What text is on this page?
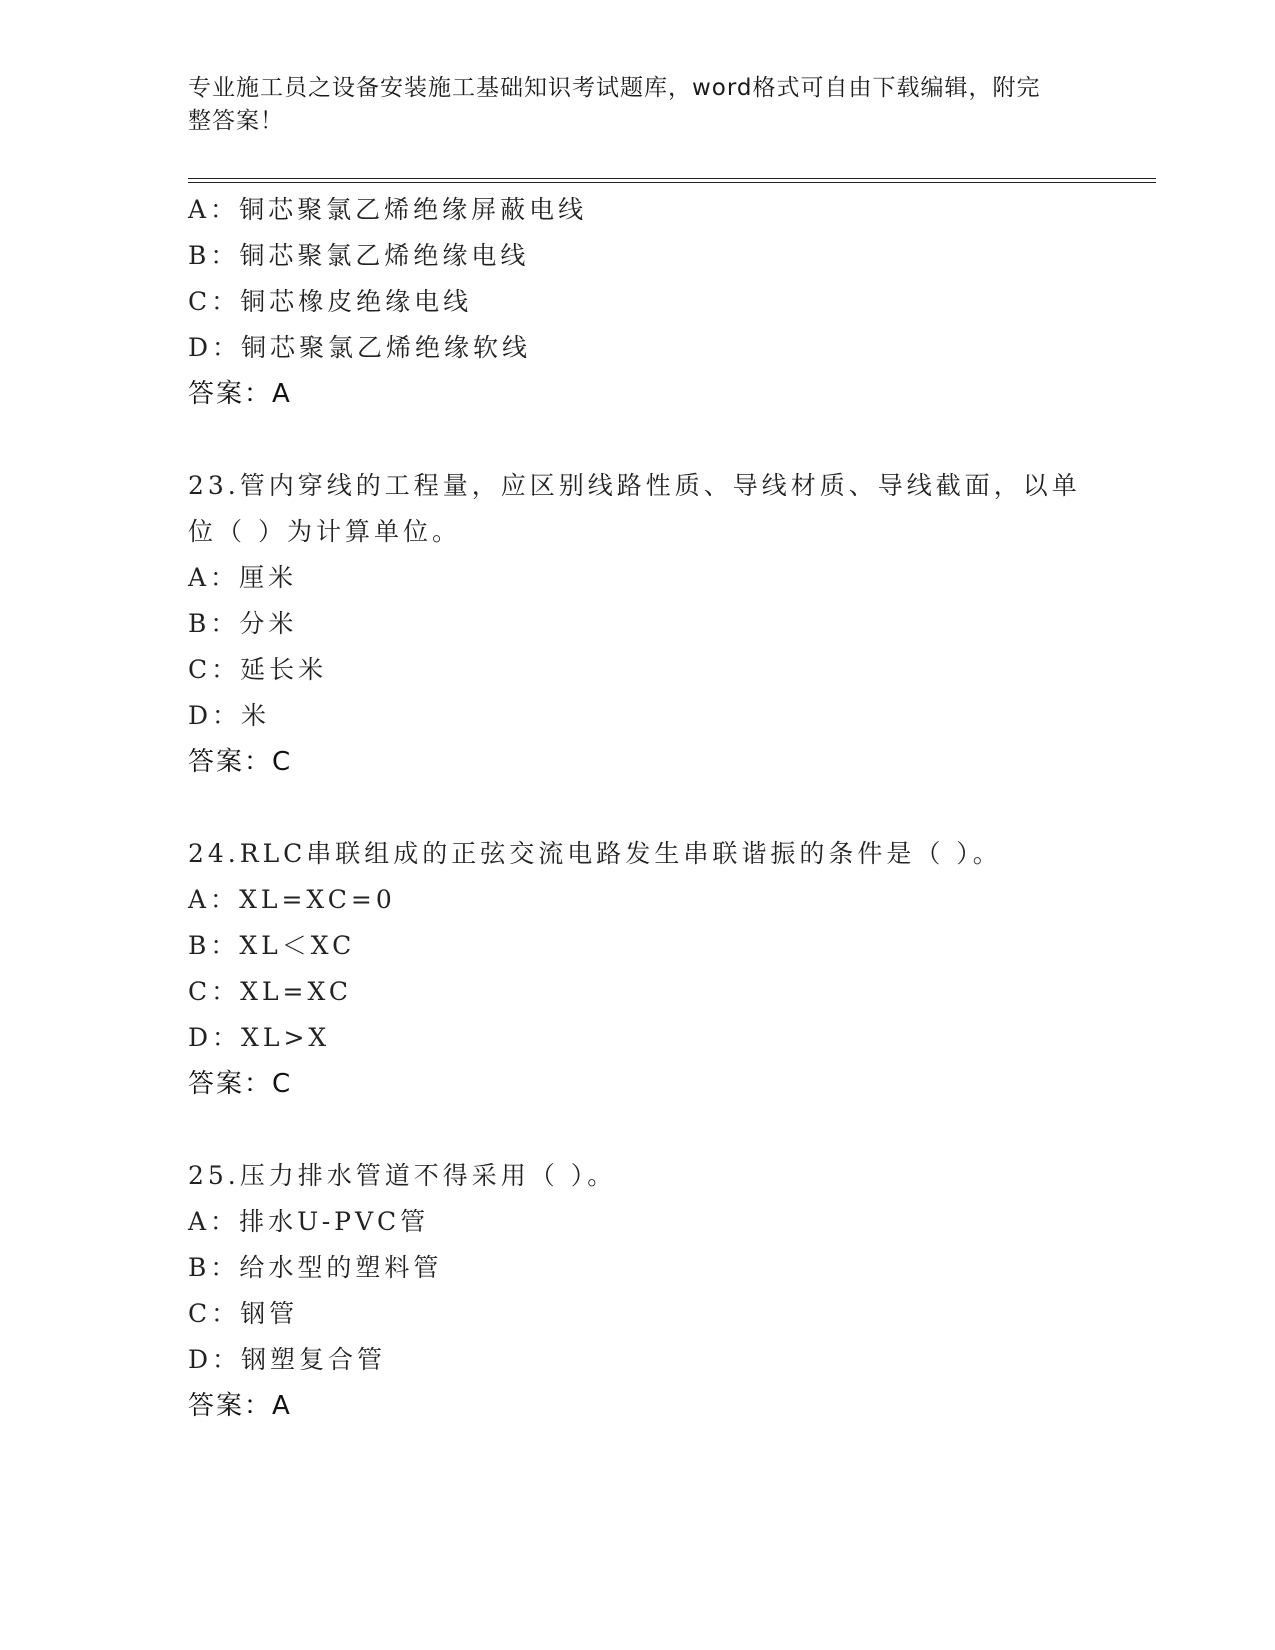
专业施工员之设备安装施工基础知识考试题库，word格式可自由下载编辑，附完
整答案！
A：铜芯聚氯乙烯绝缘屏蔽电线
B：铜芯聚氯乙烯绝缘电线
C：铜芯橡皮绝缘电线
D：铜芯聚氯乙烯绝缘软线
答案：A
23.管内穿线的工程量，应区别线路性质、导线材质、导线截面，以单
位（ ）为计算单位。
A：厘米
B：分米
C：延长米
D：米
答案：C
24.RLC串联组成的正弦交流电路发生串联谐振的条件是（ ）。
A：XL=XC=0
B：XL＜XC
C：XL=XC
D：XL>X
答案：C
25.压力排水管道不得采用（ ）。
A：排水U-PVC管
B：给水型的塑料管
C：钢管
D：钢塑复合管
答案：A
